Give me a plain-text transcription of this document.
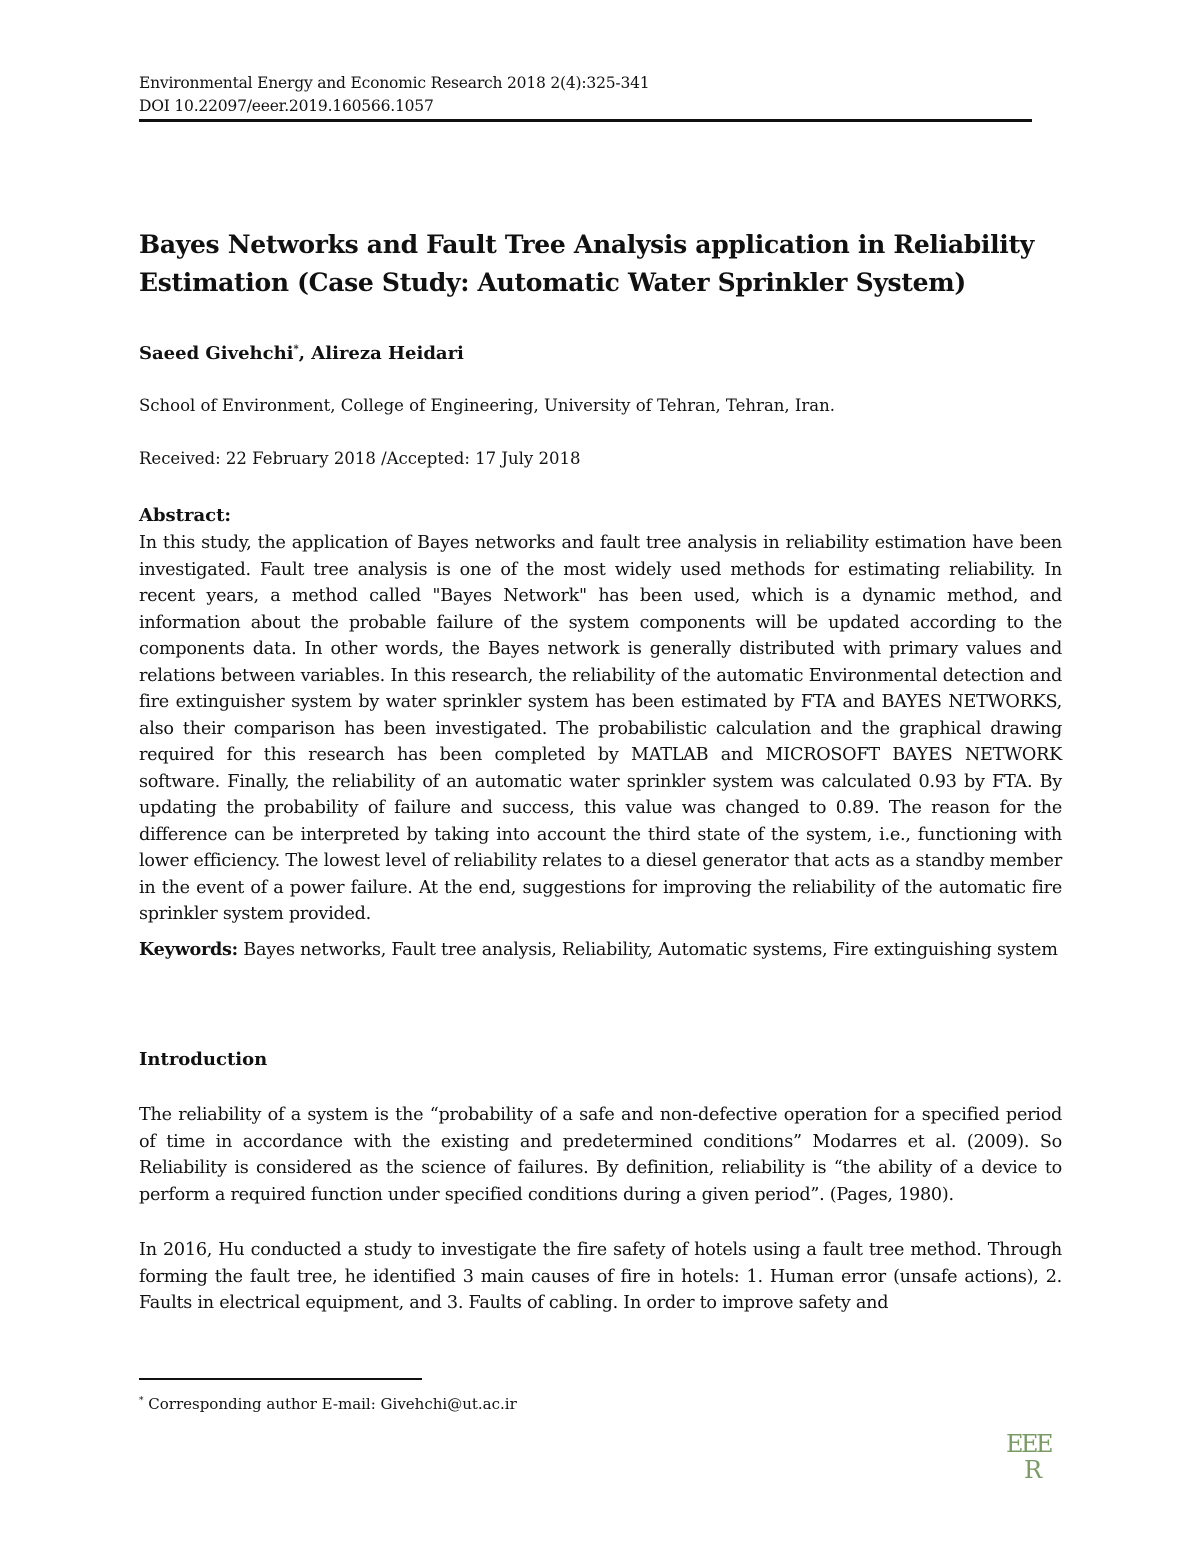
Environmental Energy and Economic Research 2018 2(4):325-341
DOI 10.22097/eeer.2019.160566.1057
Bayes Networks and Fault Tree Analysis application in Reliability Estimation (Case Study: Automatic Water Sprinkler System)
Saeed Givehchi*, Alireza Heidari
School of Environment, College of Engineering, University of Tehran, Tehran, Iran.
Received: 22 February 2018 /Accepted: 17 July 2018
Abstract:
In this study, the application of Bayes networks and fault tree analysis in reliability estimation have been investigated. Fault tree analysis is one of the most widely used methods for estimating reliability. In recent years, a method called "Bayes Network" has been used, which is a dynamic method, and information about the probable failure of the system components will be updated according to the components data. In other words, the Bayes network is generally distributed with primary values and relations between variables. In this research, the reliability of the automatic Environmental detection and fire extinguisher system by water sprinkler system has been estimated by FTA and BAYES NETWORKS, also their comparison has been investigated. The probabilistic calculation and the graphical drawing required for this research has been completed by MATLAB and MICROSOFT BAYES NETWORK software. Finally, the reliability of an automatic water sprinkler system was calculated 0.93 by FTA. By updating the probability of failure and success, this value was changed to 0.89. The reason for the difference can be interpreted by taking into account the third state of the system, i.e., functioning with lower efficiency. The lowest level of reliability relates to a diesel generator that acts as a standby member in the event of a power failure. At the end, suggestions for improving the reliability of the automatic fire sprinkler system provided.
Keywords: Bayes networks, Fault tree analysis, Reliability, Automatic systems, Fire extinguishing system
Introduction
The reliability of a system is the “probability of a safe and non-defective operation for a specified period of time in accordance with the existing and predetermined conditions” Modarres et al. (2009). So Reliability is considered as the science of failures. By definition, reliability is “the ability of a device to perform a required function under specified conditions during a given period”. (Pages, 1980).
In 2016, Hu conducted a study to investigate the fire safety of hotels using a fault tree method. Through forming the fault tree, he identified 3 main causes of fire in hotels: 1. Human error (unsafe actions), 2. Faults in electrical equipment, and 3. Faults of cabling. In order to improve safety and
* Corresponding author E-mail: Givehchi@ut.ac.ir
E
E
E
R
